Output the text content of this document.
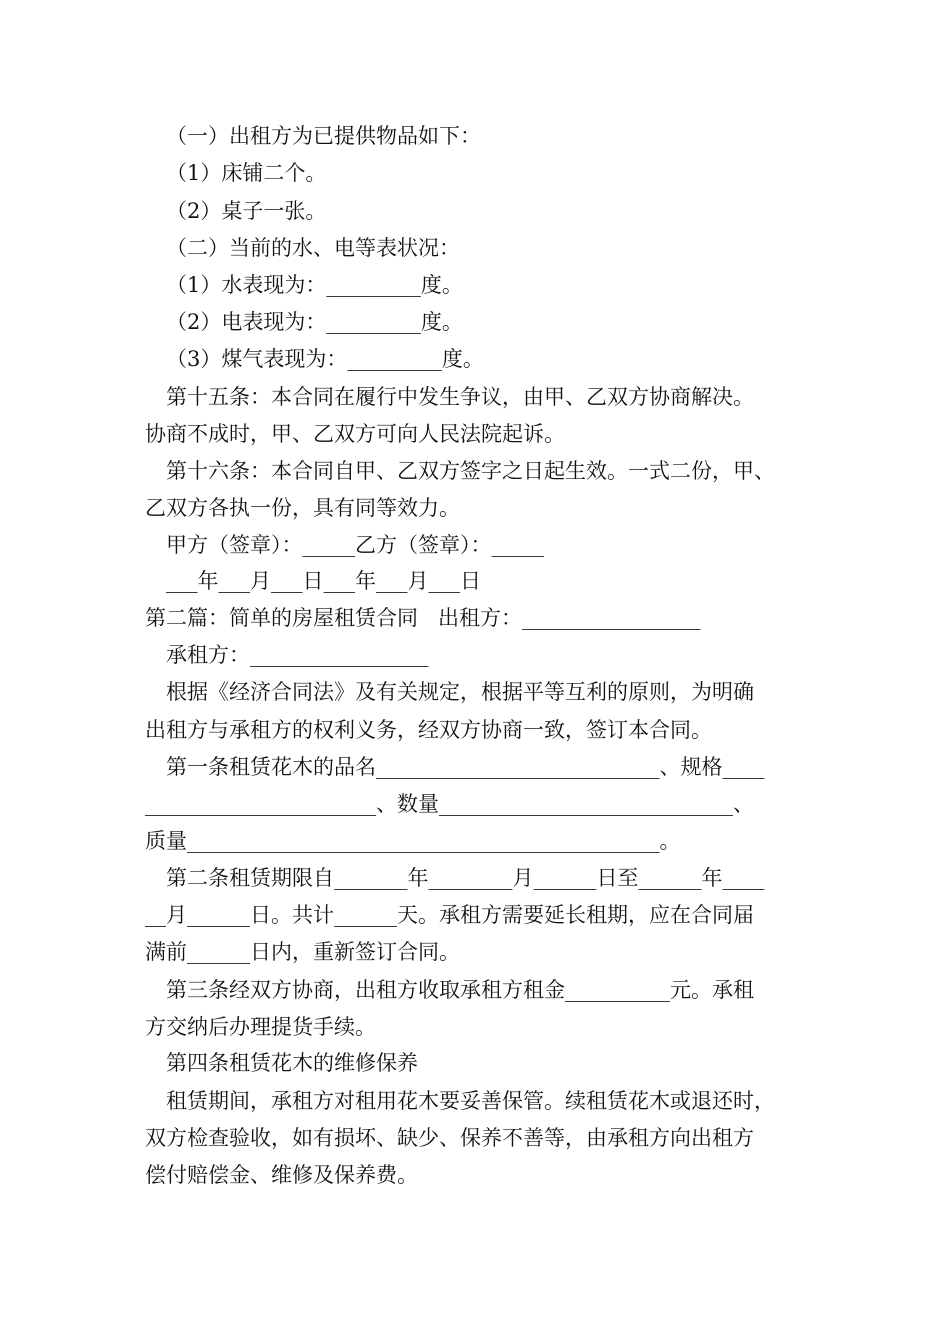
（一）出租方为已提供物品如下：
（1）床铺二个。
（2）桌子一张。
（二）当前的水、电等表状况：
（1）水表现为：_________度。
（2）电表现为：_________度。
（3）煤气表现为：_________度。
第十五条：本合同在履行中发生争议，由甲、乙双方协商解决。
协商不成时，甲、乙双方可向人民法院起诉。
第十六条：本合同自甲、乙双方签字之日起生效。一式二份，甲、
乙双方各执一份，具有同等效力。
甲方（签章）：_____乙方（签章）：_____
___年___月___日___年___月___日
第二篇：简单的房屋租赁合同   出租方：_________________
承租方：_________________
根据《经济合同法》及有关规定，根据平等互利的原则，为明确
出租方与承租方的权利义务，经双方协商一致，签订本合同。
第一条租赁花木的品名___________________________、规格____
______________________、数量____________________________、
质量_____________________________________________。
第二条租赁期限自_______年________月______日至______年____
__月______日。共计______天。承租方需要延长租期，应在合同届
满前______日内，重新签订合同。
第三条经双方协商，出租方收取承租方租金__________元。承租
方交纳后办理提货手续。
第四条租赁花木的维修保养
租赁期间，承租方对租用花木要妥善保管。续租赁花木或退还时，
双方检查验收，如有损坏、缺少、保养不善等，由承租方向出租方
偿付赔偿金、维修及保养费。
